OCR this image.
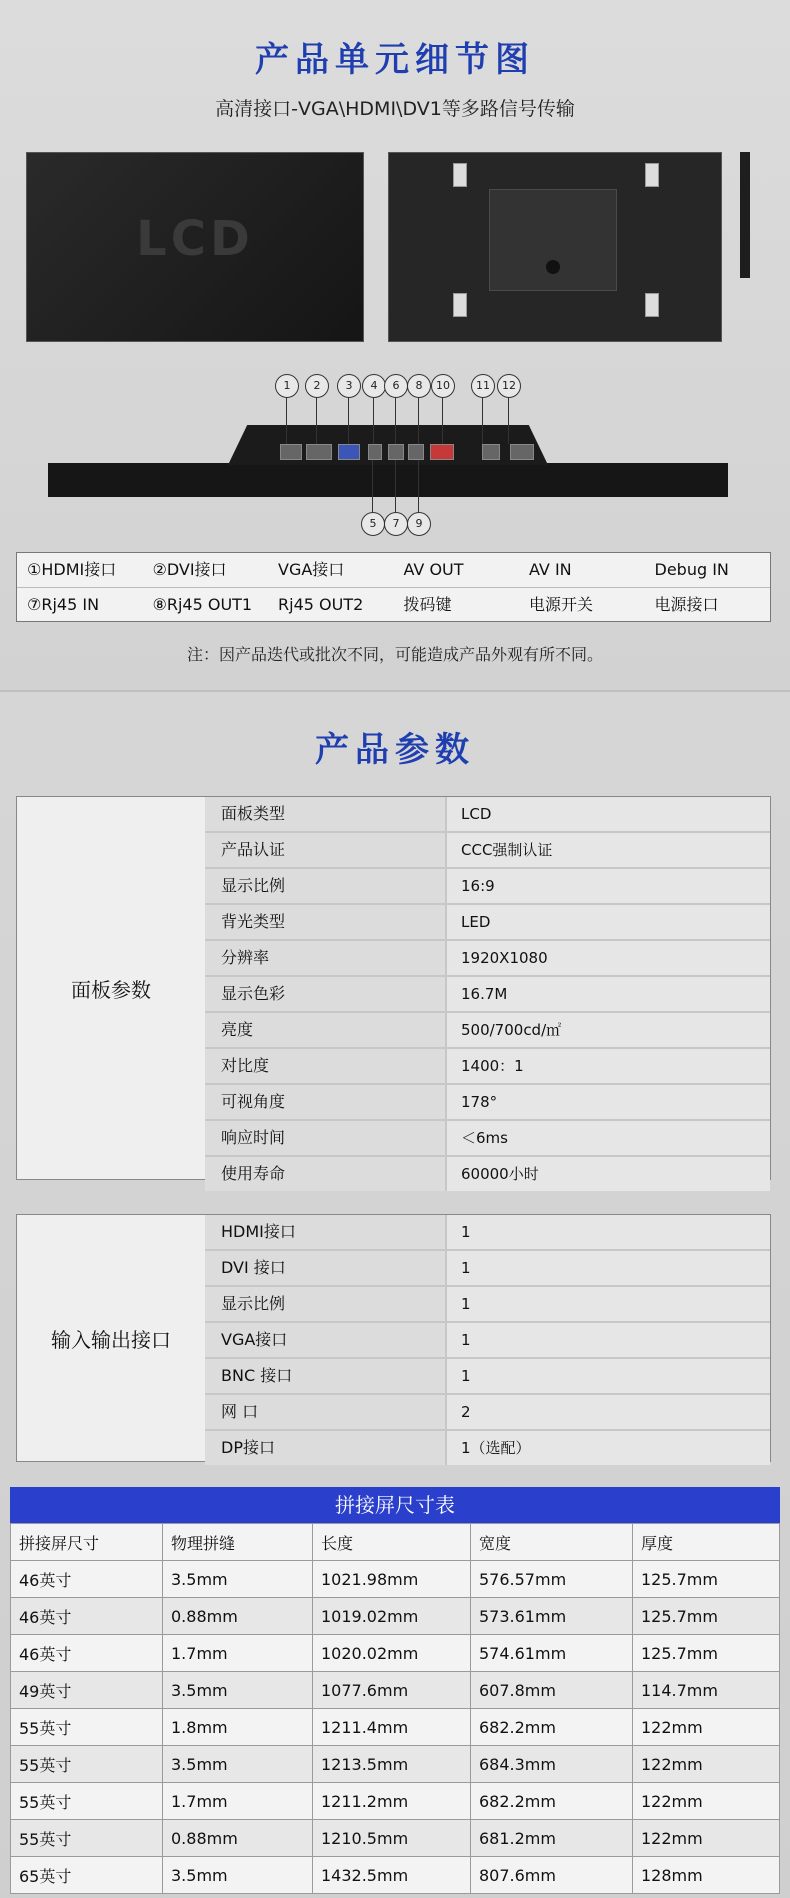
产品单元细节图
高清接口-VGA\HDMI\DV1等多路信号传输
LCD
1	2	3	4	6	8	10	11	12
5	7	9
①HDMI接口	②DVI接口	VGA接口	AV OUT	AV IN	Debug IN
⑦Rj45 IN	⑧Rj45 OUT1	Rj45 OUT2	拨码键	电源开关	电源接口
注：因产品迭代或批次不同，可能造成产品外观有所不同。
产品参数
面板参数
面板类型	LCD
产品认证	CCC强制认证
显示比例	16:9
背光类型	LED
分辨率	1920X1080
显示色彩	16.7M
亮度	500/700cd/㎡
对比度	1400：1
可视角度	178°
响应时间	＜6ms
使用寿命	60000小时
输入输出接口
HDMI接口	1
DVI 接口	1
显示比例	1
VGA接口	1
BNC 接口	1
网 口	2
DP接口	1（选配）
拼接屏尺寸表
拼接屏尺寸	物理拼缝	长度	宽度	厚度
46英寸	3.5mm	1021.98mm	576.57mm	125.7mm
46英寸	0.88mm	1019.02mm	573.61mm	125.7mm
46英寸	1.7mm	1020.02mm	574.61mm	125.7mm
49英寸	3.5mm	1077.6mm	607.8mm	114.7mm
55英寸	1.8mm	1211.4mm	682.2mm	122mm
55英寸	3.5mm	1213.5mm	684.3mm	122mm
55英寸	1.7mm	1211.2mm	682.2mm	122mm
55英寸	0.88mm	1210.5mm	681.2mm	122mm
65英寸	3.5mm	1432.5mm	807.6mm	128mm
